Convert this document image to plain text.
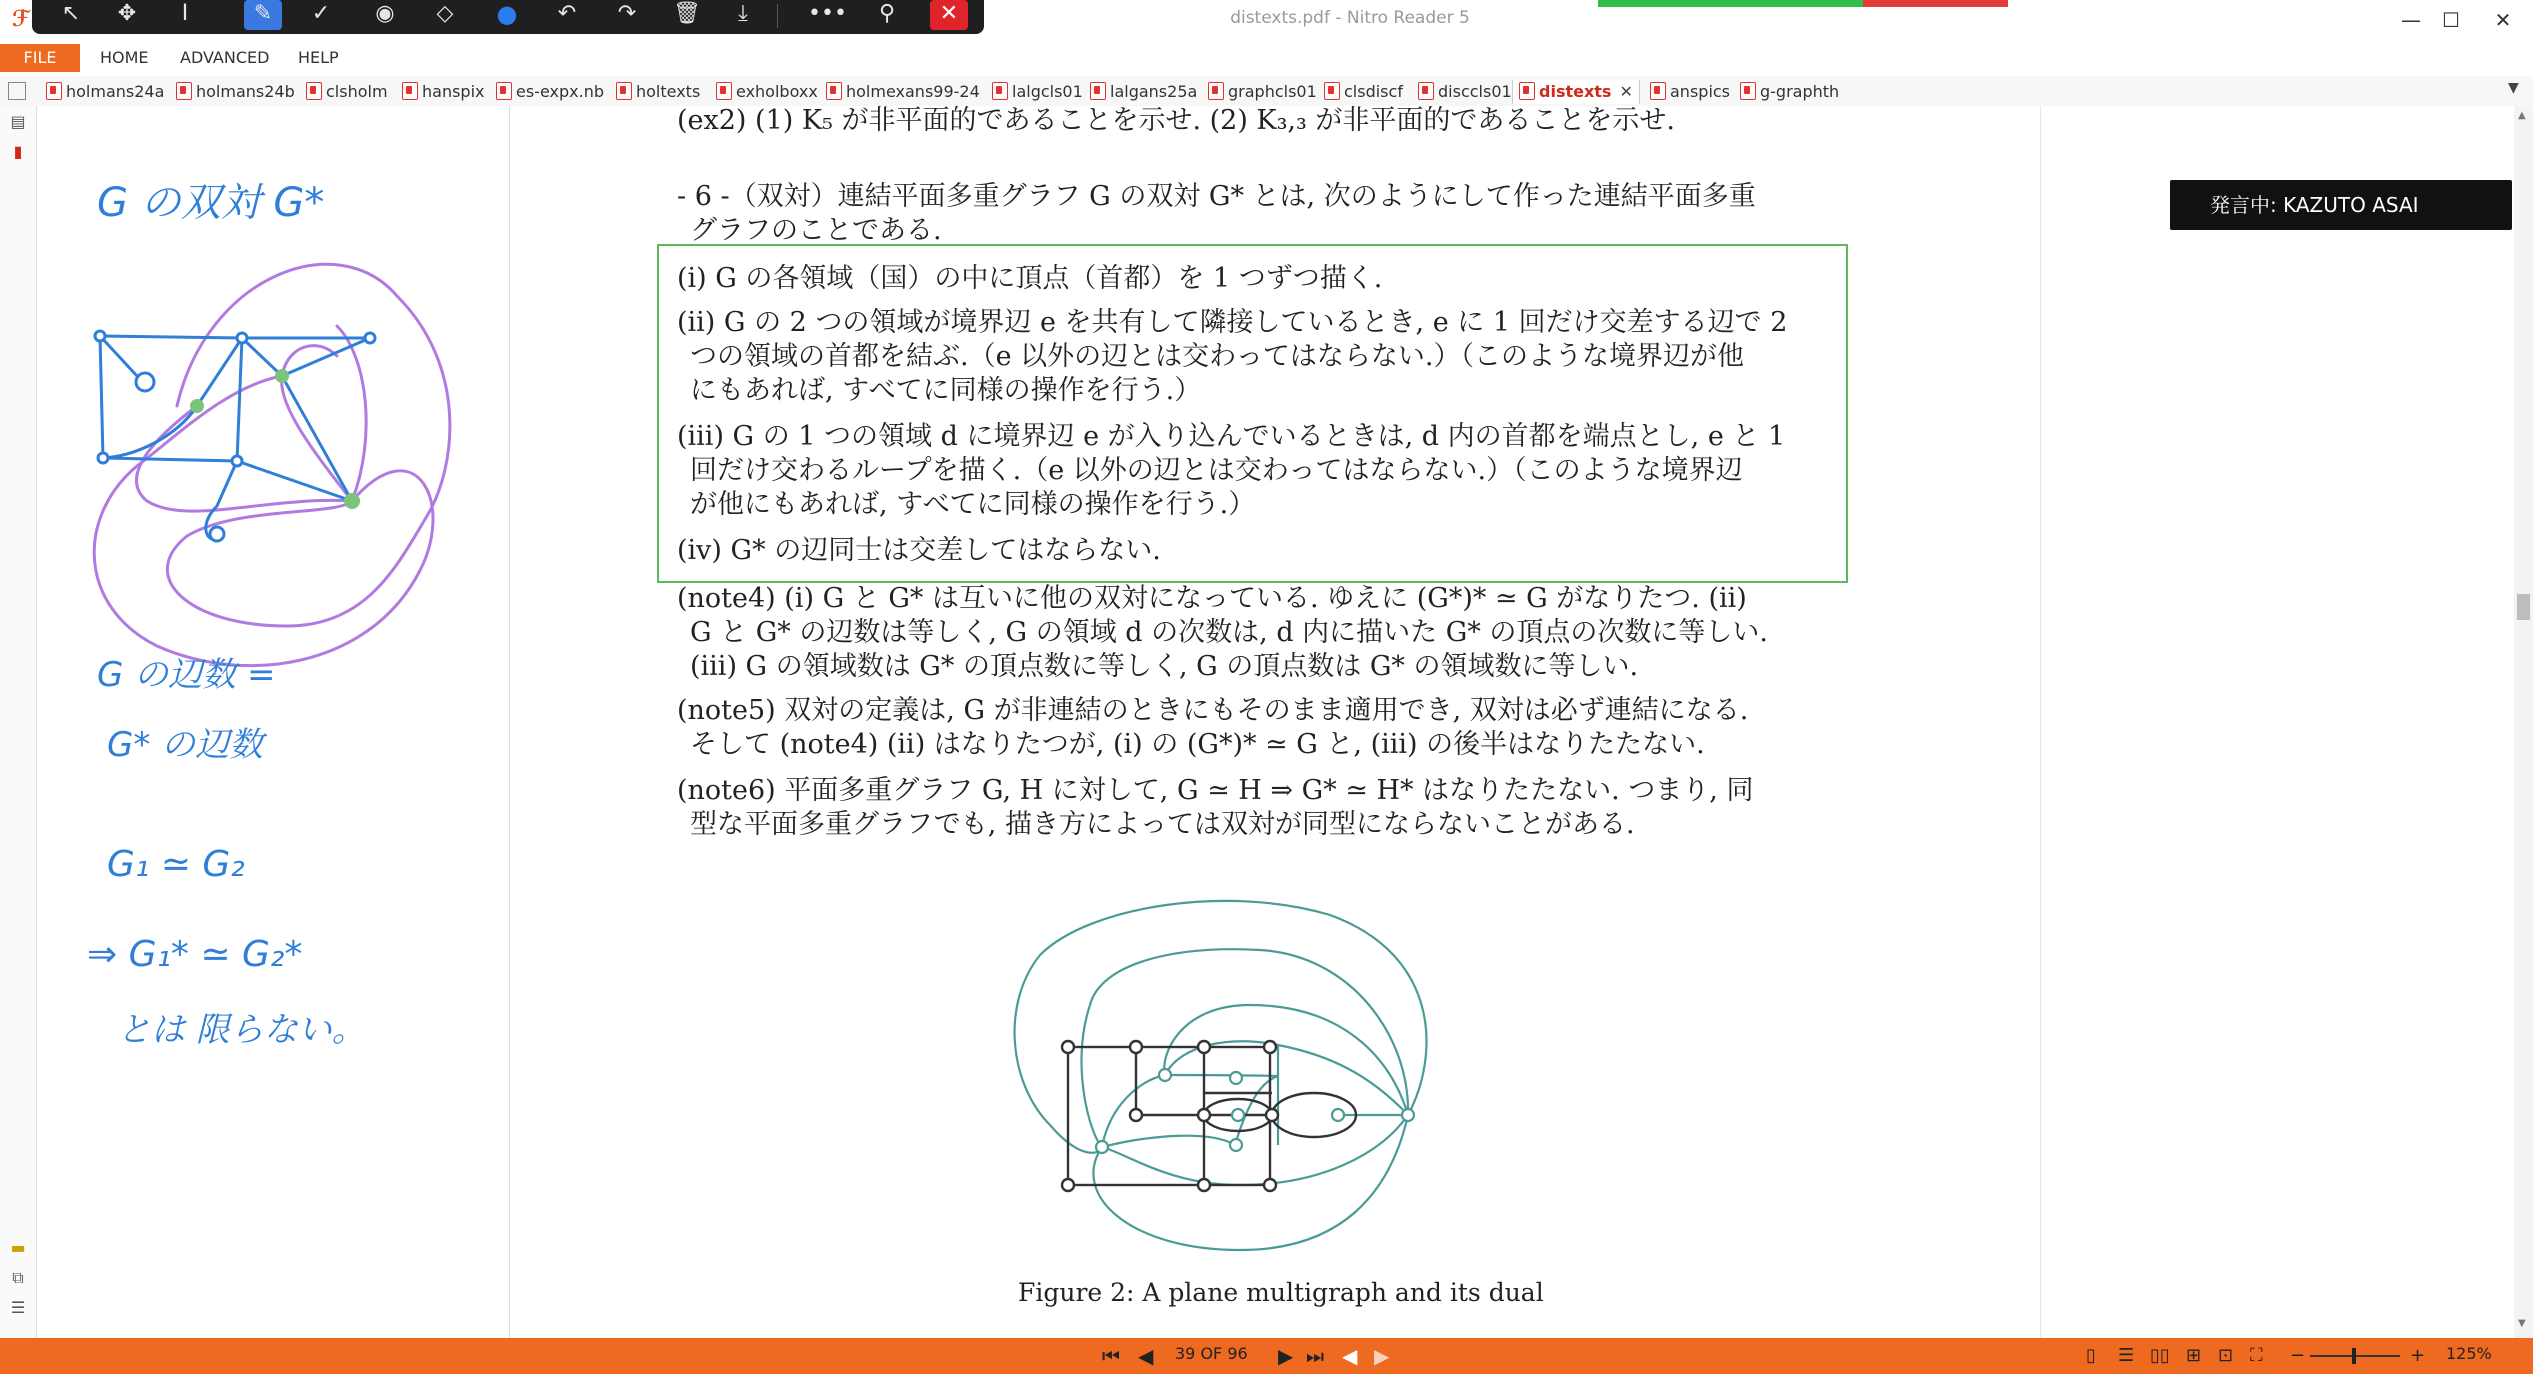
ℱ	distexts.pdf - Nitro Reader 5	—	☐	✕
↖	✥	I	✎	✓	◉	◇	●	↶	↷	🗑	⤓	•••	⚲	✕
FILE	HOME ADVANCED HELP
holmans24a	holmans24b	clsholm	hanspix	es-expx.nb	holtexts	exholboxx	holmexans99-24	lalgcls01	lalgans25a	graphcls01	clsdiscf	disccls01	distexts ✕	anspics	g-graphth	▼
▤
▮
▬
⧉
☰
G の双対 G*
G の辺数 =
G* の辺数
G₁ ≃ G₂
⇒ G₁* ≃ G₂*
とは 限らない。
(ex2) (1) K₅ が非平面的であることを示せ. (2) K₃,₃ が非平面的であることを示せ.
- 6 -（双対）連結平面多重グラフ G の双対 G* とは, 次のようにして作った連結平面多重
グラフのことである.
(i) G の各領域（国）の中に頂点（首都）を 1 つずつ描く.
(ii) G の 2 つの領域が境界辺 e を共有して隣接しているとき, e に 1 回だけ交差する辺で 2
つの領域の首都を結ぶ.（e 以外の辺とは交わってはならない.）（このような境界辺が他
にもあれば, すべてに同様の操作を行う.）
(iii) G の 1 つの領域 d に境界辺 e が入り込んでいるときは, d 内の首都を端点とし, e と 1
回だけ交わるループを描く.（e 以外の辺とは交わってはならない.）（このような境界辺
が他にもあれば, すべてに同様の操作を行う.）
(iv) G* の辺同士は交差してはならない.
(note4) (i) G と G* は互いに他の双対になっている. ゆえに (G*)* ≃ G がなりたつ. (ii)
G と G* の辺数は等しく, G の領域 d の次数は, d 内に描いた G* の頂点の次数に等しい.
(iii) G の領域数は G* の頂点数に等しく, G の頂点数は G* の領域数に等しい.
(note5) 双対の定義は, G が非連結のときにもそのまま適用でき, 双対は必ず連結になる.
そして (note4) (ii) はなりたつが, (i) の (G*)* ≃ G と, (iii) の後半はなりたたない.
(note6) 平面多重グラフ G, H に対して, G ≃ H ⇒ G* ≃ H* はなりたたない. つまり, 同
型な平面多重グラフでも, 描き方によっては双対が同型にならないことがある.
Figure 2: A plane multigraph and its dual
発言中: KAZUTO ASAI
▲
▼
⏮ ◀ 39 OF 96 ▶ ⏭ ◀ ▶	▯ ☰ ▯▯ ⊞ ⊡ ⛶ −	+ 125%
